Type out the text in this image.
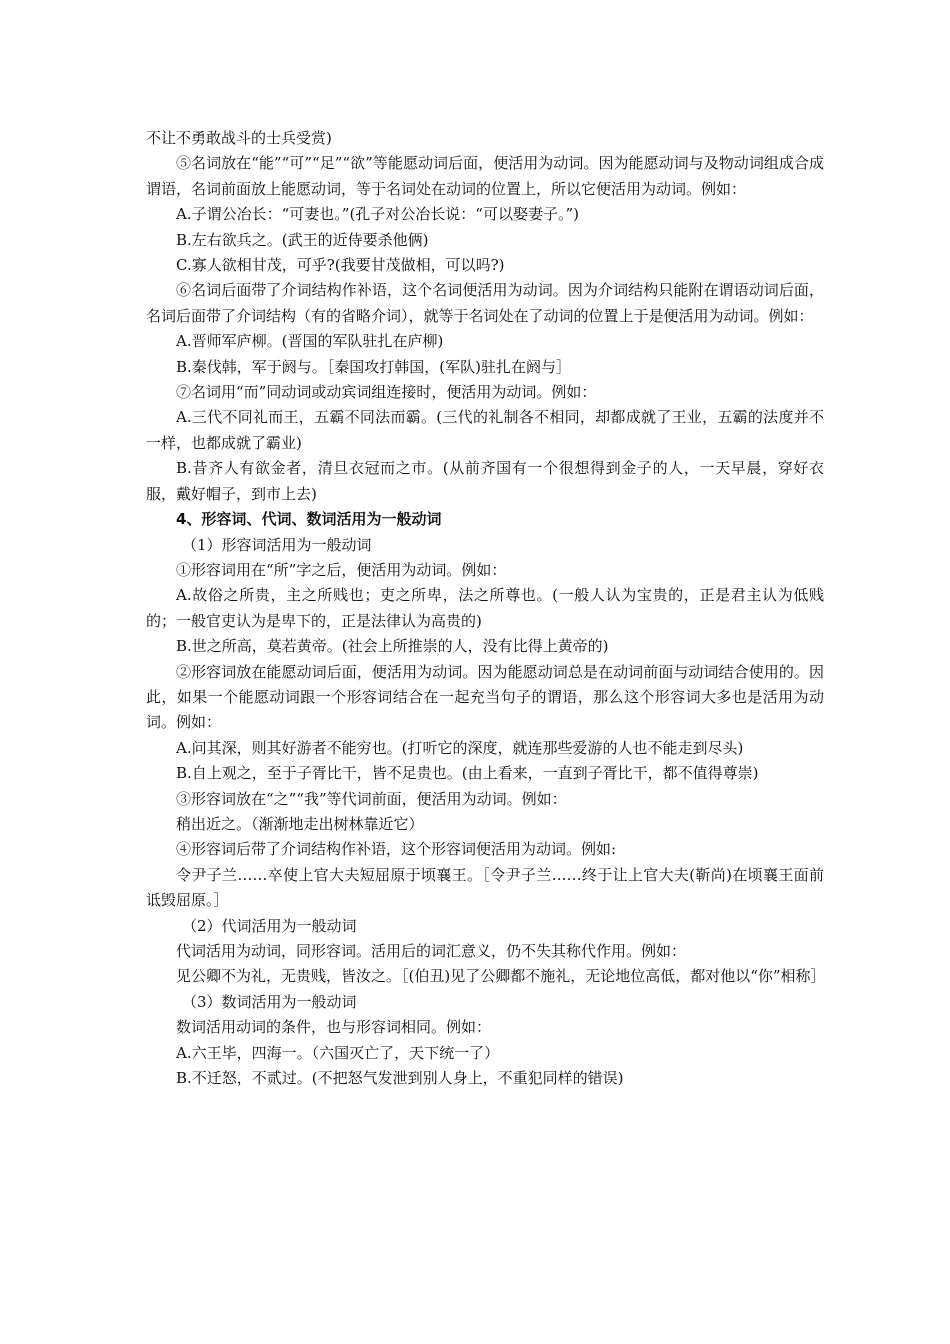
不让不勇敢战斗的士兵受赏)

⑤名词放在“能”“可”“足”“欲”等能愿动词后面，便活用为动词。因为能愿动词与及物动词组成合成谓语，名词前面放上能愿动词，等于名词处在动词的位置上，所以它便活用为动词。例如：

A.子谓公冶长：“可妻也。”(孔子对公冶长说：“可以娶妻子。”)

B.左右欲兵之。(武王的近侍要杀他俩)

C.寡人欲相甘茂，可乎?(我要甘茂做相，可以吗?)

⑥名词后面带了介词结构作补语，这个名词便活用为动词。因为介词结构只能附在谓语动词后面，名词后面带了介词结构（有的省略介词），就等于名词处在了动词的位置上于是便活用为动词。例如：

A.晋师军庐柳。(晋国的军队驻扎在庐柳)

B.秦伐韩，军于阏与。［秦国攻打韩国，(军队)驻扎在阏与］

⑦名词用“而”同动词或动宾词组连接时，便活用为动词。例如：

A.三代不同礼而王，五霸不同法而霸。(三代的礼制各不相同，却都成就了王业，五霸的法度并不一样，也都成就了霸业)

B.昔齐人有欲金者，清旦衣冠而之市。(从前齐国有一个很想得到金子的人，一天早晨，穿好衣服，戴好帽子，到市上去)

4、形容词、代词、数词活用为一般动词

（1）形容词活用为一般动词

①形容词用在“所”字之后，便活用为动词。例如：

A.故俗之所贵，主之所贱也；吏之所卑，法之所尊也。(一般人认为宝贵的，正是君主认为低贱的；一般官吏认为是卑下的，正是法律认为高贵的)

B.世之所高，莫若黄帝。(社会上所推崇的人，没有比得上黄帝的)

②形容词放在能愿动词后面，便活用为动词。因为能愿动词总是在动词前面与动词结合使用的。因此，如果一个能愿动词跟一个形容词结合在一起充当句子的谓语，那么这个形容词大多也是活用为动词。例如：

A.问其深，则其好游者不能穷也。(打听它的深度，就连那些爱游的人也不能走到尽头)

B.自上观之，至于子胥比干，皆不足贵也。(由上看来，一直到子胥比干，都不值得尊崇)

③形容词放在“之”“我”等代词前面，便活用为动词。例如：

稍出近之。（渐渐地走出树林靠近它）

④形容词后带了介词结构作补语，这个形容词便活用为动词。例如:

令尹子兰……卒使上官大夫短屈原于顷襄王。［令尹子兰……终于让上官大夫(靳尚)在顷襄王面前诋毁屈原。］

（2）代词活用为一般动词

代词活用为动词，同形容词。活用后的词汇意义，仍不失其称代作用。例如：

见公卿不为礼，无贵贱，皆汝之。［(伯丑)见了公卿都不施礼，无论地位高低，都对他以“你”相称］

（3）数词活用为一般动词

数词活用动词的条件，也与形容词相同。例如：

A.六王毕，四海一。（六国灭亡了，天下统一了）

B.不迁怒，不贰过。(不把怒气发泄到别人身上，不重犯同样的错误)
